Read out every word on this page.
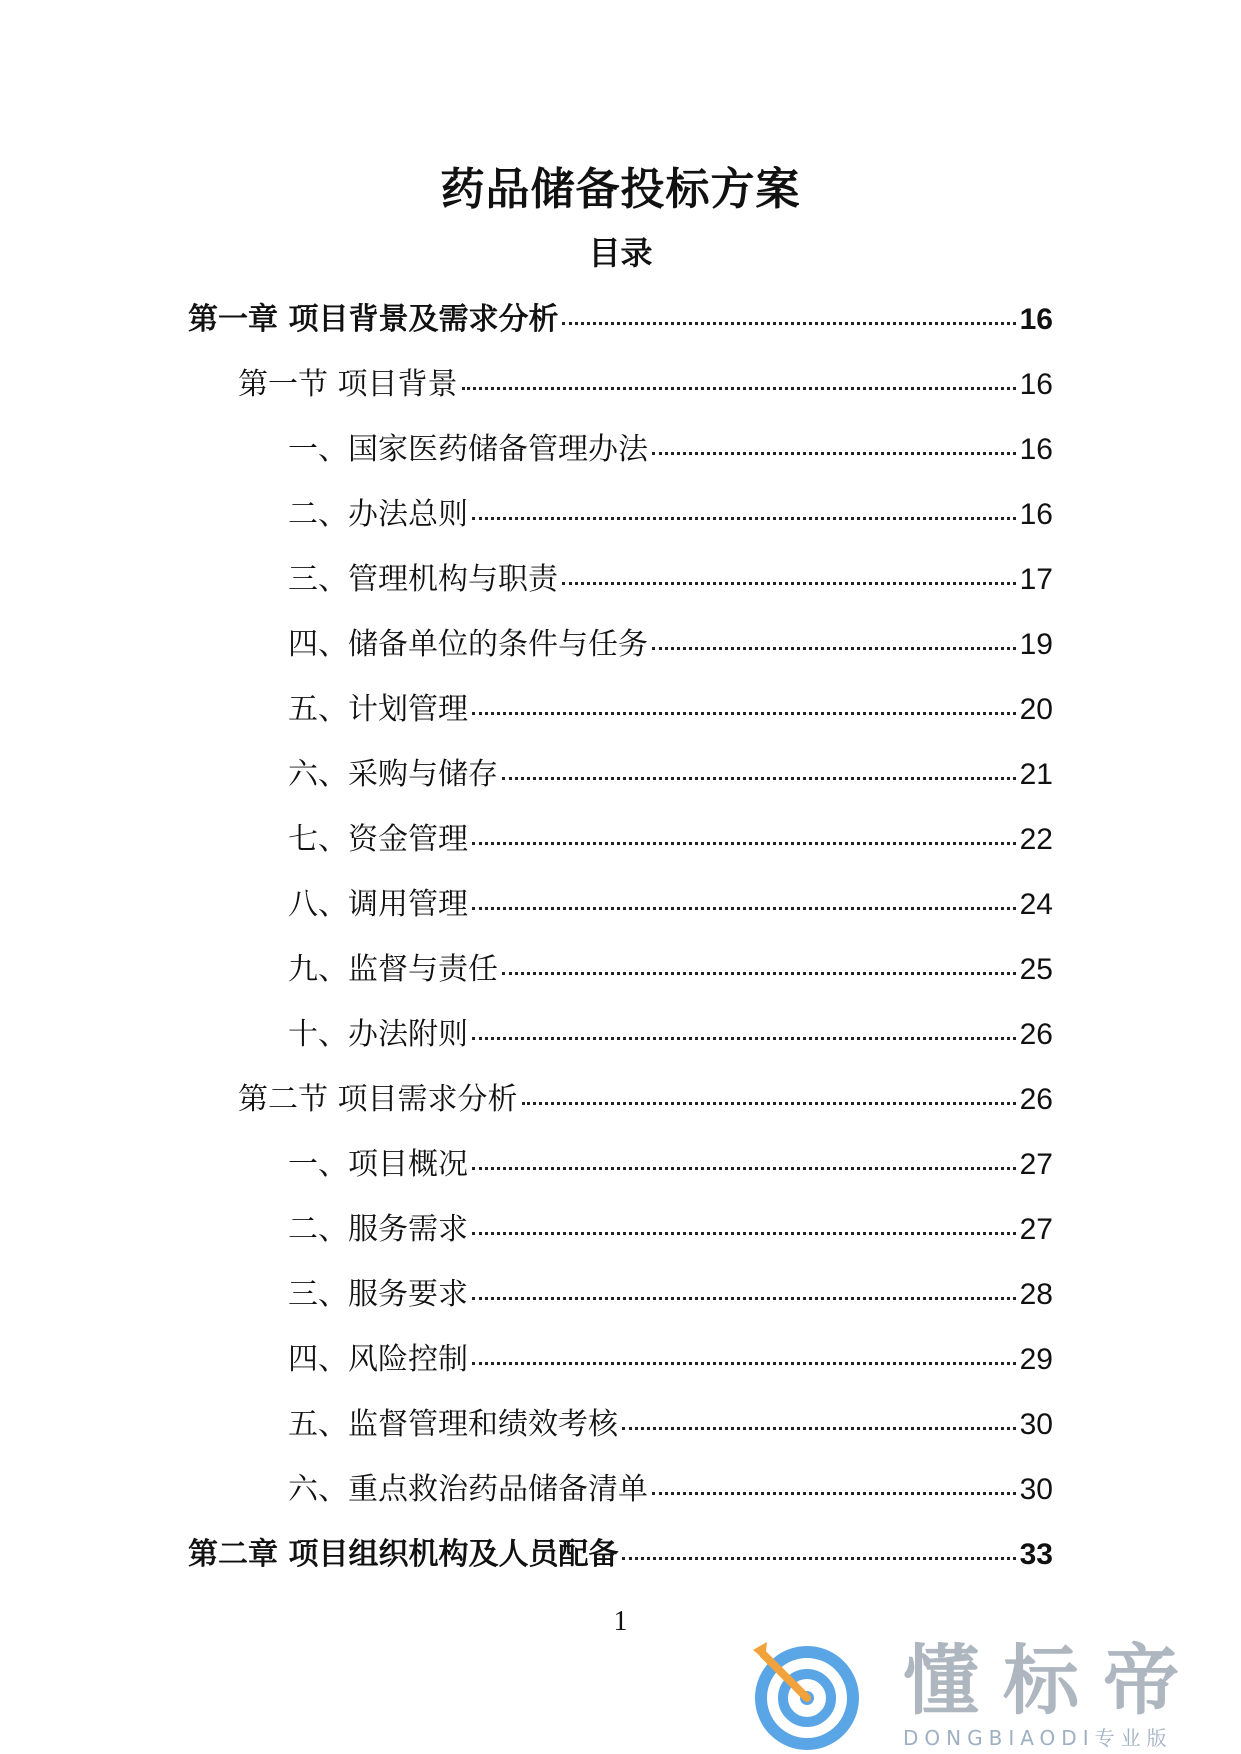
药品储备投标方案
目录
第一章 项目背景及需求分析	16
第一节 项目背景	16
一、国家医药储备管理办法	16
二、办法总则	16
三、管理机构与职责	17
四、储备单位的条件与任务	19
五、计划管理	20
六、采购与储存	21
七、资金管理	22
八、调用管理	24
九、监督与责任	25
十、办法附则	26
第二节 项目需求分析	26
一、项目概况	27
二、服务需求	27
三、服务要求	28
四、风险控制	29
五、监督管理和绩效考核	30
六、重点救治药品储备清单	30
第二章 项目组织机构及人员配备	33
1
懂标帝
DONGBIAODI专业版
